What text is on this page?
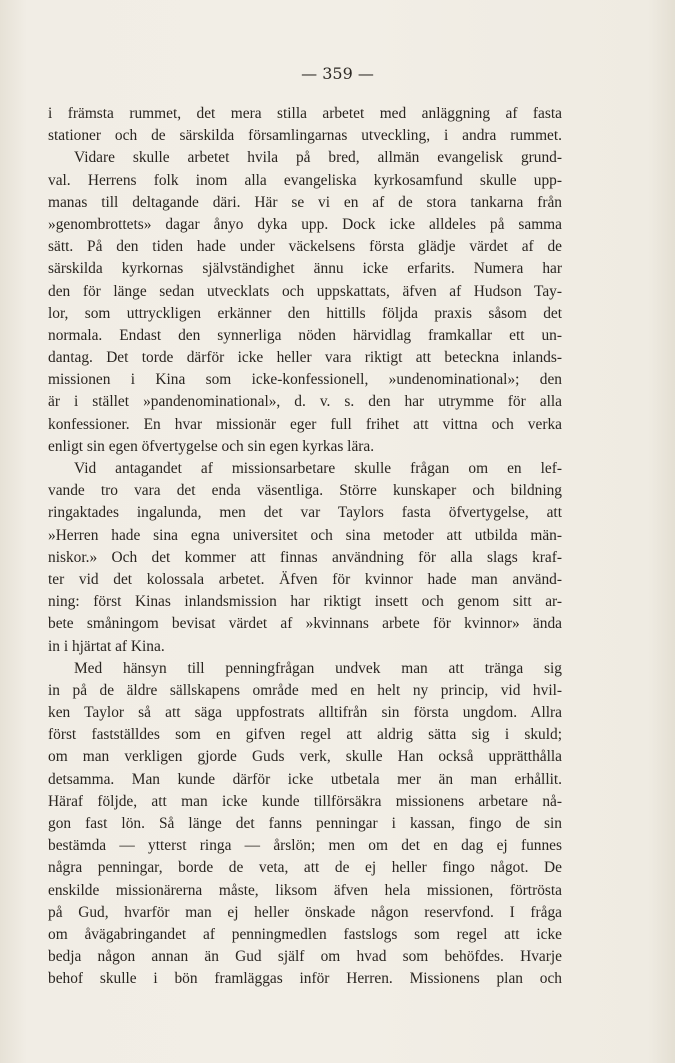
— 359 —
i främsta rummet, det mera stilla arbetet med anläggning af fasta
stationer och de särskilda församlingarnas utveckling, i andra rummet.
Vidare skulle arbetet hvila på bred, allmän evangelisk grund-
val. Herrens folk inom alla evangeliska kyrkosamfund skulle upp-
manas till deltagande däri. Här se vi en af de stora tankarna från
»genombrottets» dagar ånyo dyka upp. Dock icke alldeles på samma
sätt. På den tiden hade under väckelsens första glädje värdet af de
särskilda kyrkornas självständighet ännu icke erfarits. Numera har
den för länge sedan utvecklats och uppskattats, äfven af Hudson Tay-
lor, som uttryckligen erkänner den hittills följda praxis såsom det
normala. Endast den synnerliga nöden härvidlag framkallar ett un-
dantag. Det torde därför icke heller vara riktigt att beteckna inlands-
missionen i Kina som icke-konfessionell, »undenominational»; den
är i stället »pandenominational», d. v. s. den har utrymme för alla
konfessioner. En hvar missionär eger full frihet att vittna och verka
enligt sin egen öfvertygelse och sin egen kyrkas lära.
Vid antagandet af missionsarbetare skulle frågan om en lef-
vande tro vara det enda väsentliga. Större kunskaper och bildning
ringaktades ingalunda, men det var Taylors fasta öfvertygelse, att
»Herren hade sina egna universitet och sina metoder att utbilda män-
niskor.» Och det kommer att finnas användning för alla slags kraf-
ter vid det kolossala arbetet. Äfven för kvinnor hade man använd-
ning: först Kinas inlandsmission har riktigt insett och genom sitt ar-
bete småningom bevisat värdet af »kvinnans arbete för kvinnor» ända
in i hjärtat af Kina.
Med hänsyn till penningfrågan undvek man att tränga sig
in på de äldre sällskapens område med en helt ny princip, vid hvil-
ken Taylor så att säga uppfostrats alltifrån sin första ungdom. Allra
först fastställdes som en gifven regel att aldrig sätta sig i skuld;
om man verkligen gjorde Guds verk, skulle Han också upprätthålla
detsamma. Man kunde därför icke utbetala mer än man erhållit.
Häraf följde, att man icke kunde tillförsäkra missionens arbetare nå-
gon fast lön. Så länge det fanns penningar i kassan, fingo de sin
bestämda — ytterst ringa — årslön; men om det en dag ej funnes
några penningar, borde de veta, att de ej heller fingo något. De
enskilde missionärerna måste, liksom äfven hela missionen, förtrösta
på Gud, hvarför man ej heller önskade någon reservfond. I fråga
om åvägabringandet af penningmedlen fastslogs som regel att icke
bedja någon annan än Gud själf om hvad som behöfdes. Hvarje
behof skulle i bön framläggas inför Herren. Missionens plan och
